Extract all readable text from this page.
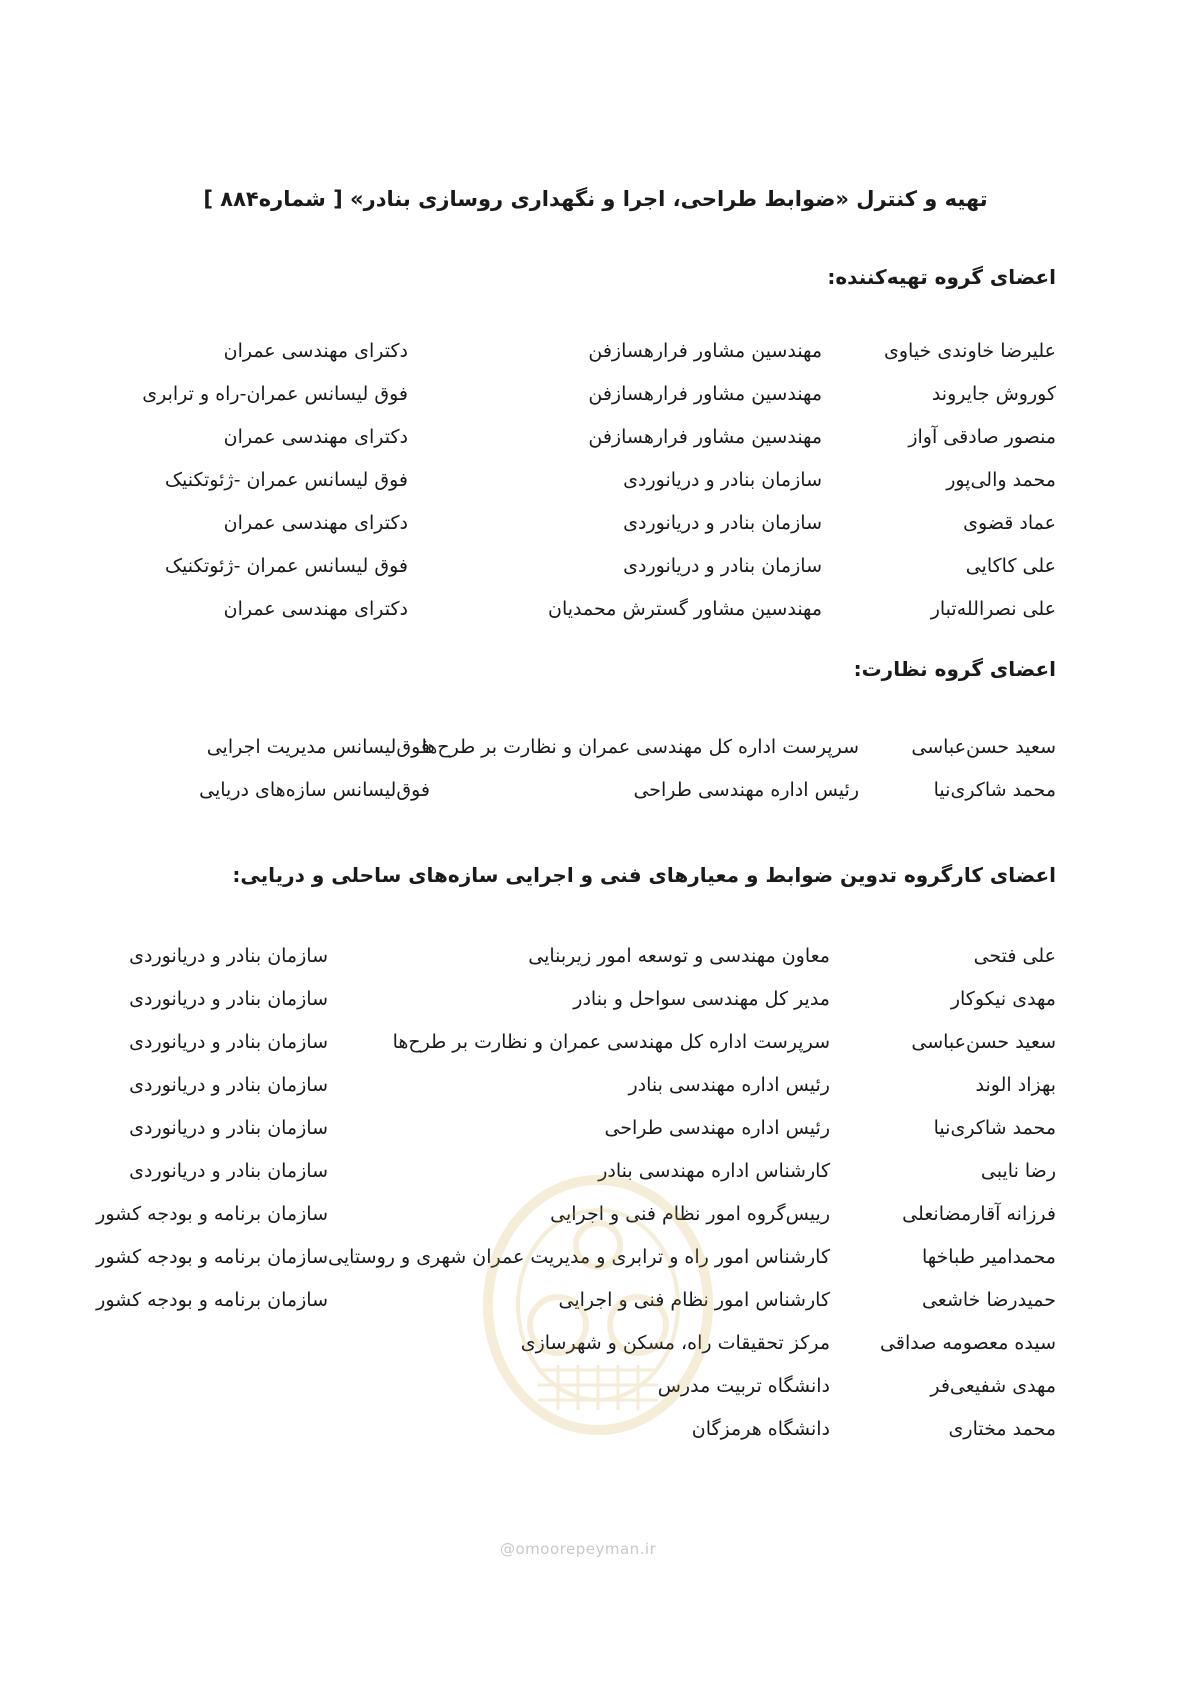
تهیه و کنترل «ضوابط طراحی، اجرا و نگهداری روسازی بنادر» [ شماره۸۸۴ ]
اعضای گروه تهیه‌کننده:
علیرضا خاوندی خیاوی
مهندسین مشاور فرارهسازفن
دکترای مهندسی عمران
کوروش جایروند
مهندسین مشاور فرارهسازفن
فوق لیسانس عمران-راه و ترابری
منصور صادقی آواز
مهندسین مشاور فرارهسازفن
دکترای مهندسی عمران
محمد والی‌پور
سازمان بنادر و دریانوردی
فوق لیسانس عمران -ژئوتکنیک
عماد قضوی
سازمان بنادر و دریانوردی
دکترای مهندسی عمران
علی کاکایی
سازمان بنادر و دریانوردی
فوق لیسانس عمران -ژئوتکنیک
علی نصرالله‌تبار
مهندسین مشاور گسترش محمدیان
دکترای مهندسی عمران
اعضای گروه نظارت:
سعید حسن‌عباسی
سرپرست اداره کل مهندسی عمران و نظارت بر طرح‌ها
فوق‌لیسانس مدیریت اجرایی
محمد شاکری‌نیا
رئیس اداره مهندسی طراحی
فوق‌لیسانس سازه‌های دریایی
اعضای کارگروه تدوین ضوابط و معیارهای فنی و اجرایی سازه‌های ساحلی و دریایی:
علی فتحی
معاون مهندسی و توسعه امور زیربنایی
سازمان بنادر و دریانوردی
مهدی نیکوکار
مدیر کل مهندسی سواحل و بنادر
سازمان بنادر و دریانوردی
سعید حسن‌عباسی
سرپرست اداره کل مهندسی عمران و نظارت بر طرح‌ها
سازمان بنادر و دریانوردی
بهزاد الوند
رئیس اداره مهندسی بنادر
سازمان بنادر و دریانوردی
محمد شاکری‌نیا
رئیس اداره مهندسی طراحی
سازمان بنادر و دریانوردی
رضا نایبی
کارشناس اداره مهندسی بنادر
سازمان بنادر و دریانوردی
فرزانه آقارمضانعلی
رییس‌گروه امور نظام فنی و اجرایی
سازمان برنامه و بودجه کشور
محمدامیر طباخها
کارشناس امور راه و ترابری و مدیریت عمران شهری و روستایی
سازمان برنامه و بودجه کشور
حمیدرضا خاشعی
کارشناس امور نظام فنی و اجرایی
سازمان برنامه و بودجه کشور
سیده معصومه صداقی
مرکز تحقیقات راه، مسکن و شهرسازی
مهدی شفیعی‌فر
دانشگاه تربیت مدرس
محمد مختاری
دانشگاه هرمزگان
@omoorepeyman.ir
